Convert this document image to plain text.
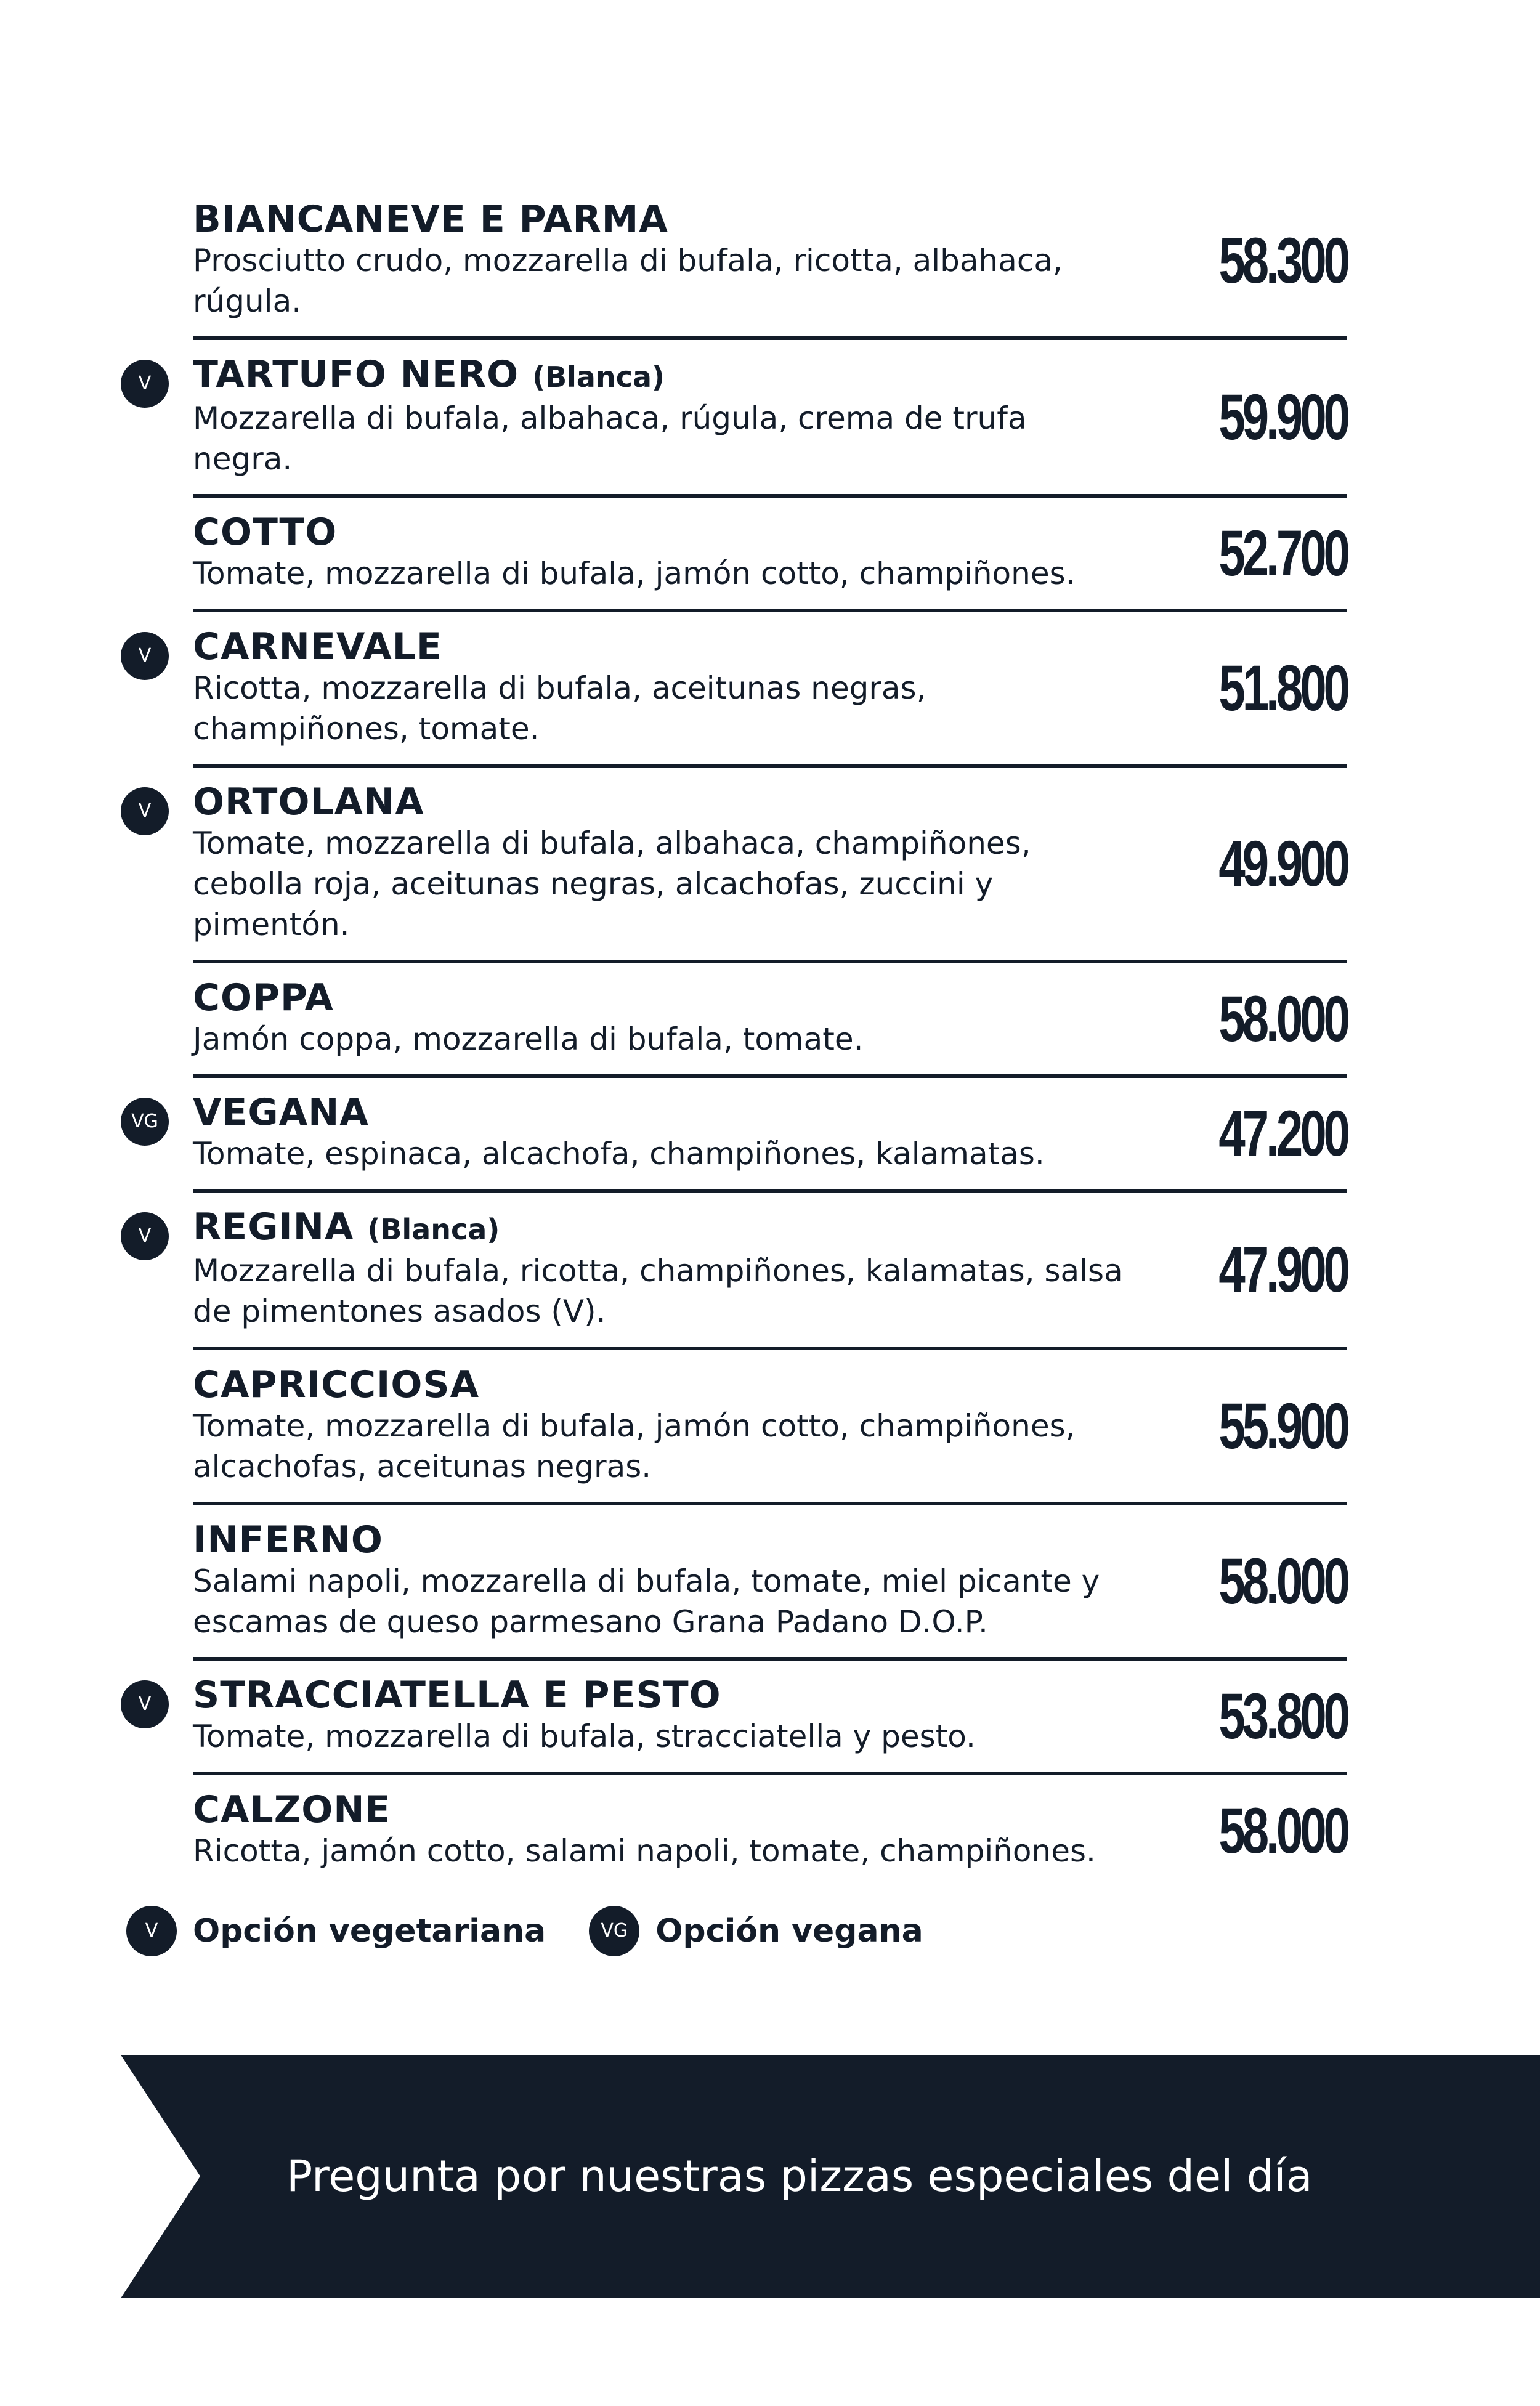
BIANCANEVE E PARMA
Prosciutto crudo, mozzarella di bufala, ricotta, albahaca, rúgula.
58.300
V	TARTUFO NERO (Blanca)
Mozzarella di bufala, albahaca, rúgula, crema de trufa negra.
59.900
COTTO
Tomate, mozzarella di bufala, jamón cotto, champiñones.	52.700
V	CARNEVALE
Ricotta, mozzarella di bufala, aceitunas negras, champiñones, tomate.
51.800
V	ORTOLANA
Tomate, mozzarella di bufala, albahaca, champiñones, cebolla roja, aceitunas negras, alcachofas, zuccini y pimentón.
49.900
COPPA
Jamón coppa, mozzarella di bufala, tomate.	58.000
VG VEGANA
Tomate, espinaca, alcachofa, champiñones, kalamatas.	47.200
V	REGINA (Blanca)
Mozzarella di bufala, ricotta, champiñones, kalamatas, salsa de pimentones asados (V).
47.900
CAPRICCIOSA
Tomate, mozzarella di bufala, jamón cotto, champiñones, alcachofas, aceitunas negras.
55.900
INFERNO
Salami napoli, mozzarella di bufala, tomate, miel picante y escamas de queso parmesano Grana Padano D.O.P.
58.000
V	STRACCIATELLA E PESTO
Tomate, mozzarella di bufala, stracciatella y pesto.	53.800
CALZONE
Ricotta, jamón cotto, salami napoli, tomate, champiñones.	58.000
V	Opción vegetariana	VG Opción vegana
Pregunta por nuestras pizzas especiales del día
